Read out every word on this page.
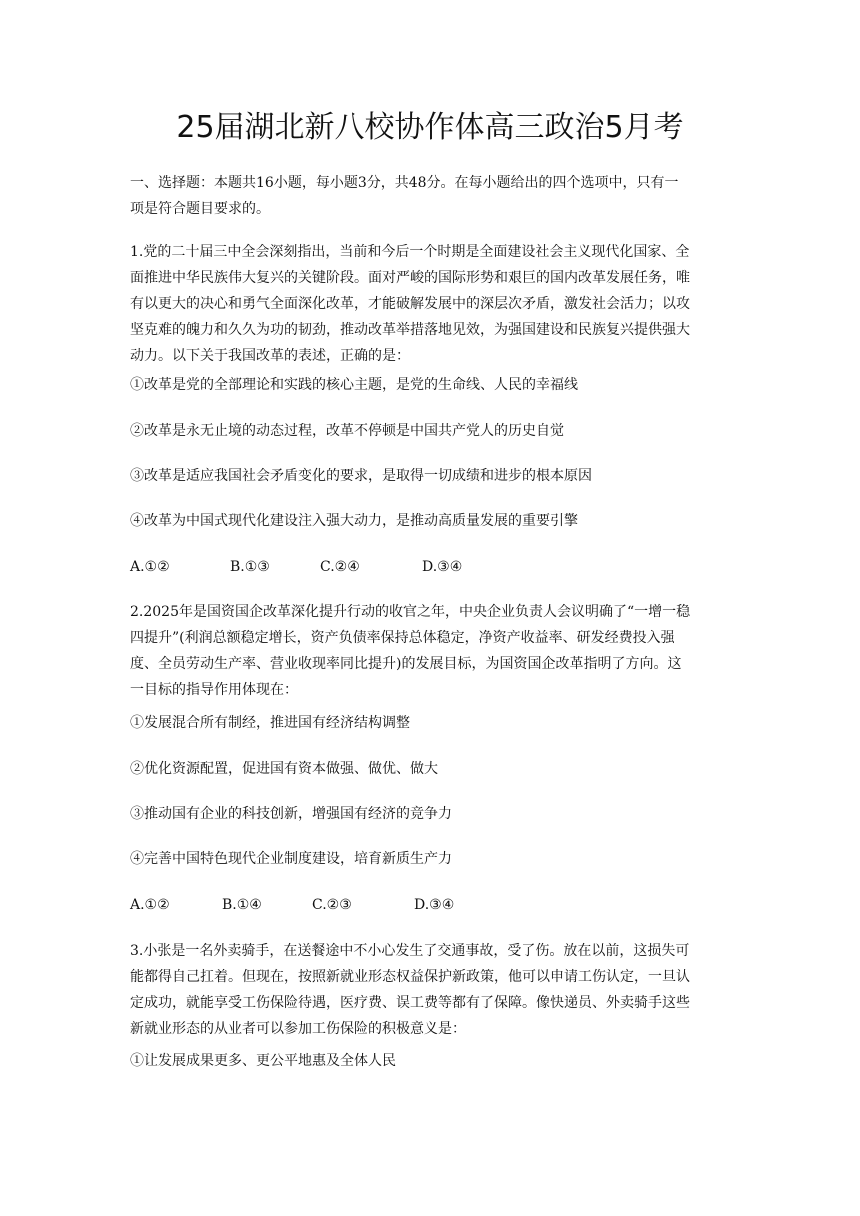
25届湖北新八校协作体高三政治5月考

一、选择题：本题共16小题，每小题3分，共48分。在每小题给出的四个选项中，只有一
项是符合题目要求的。

1.党的二十届三中全会深刻指出，当前和今后一个时期是全面建设社会主义现代化国家、全
面推进中华民族伟大复兴的关键阶段。面对严峻的国际形势和艰巨的国内改革发展任务，唯
有以更大的决心和勇气全面深化改革，才能破解发展中的深层次矛盾，激发社会活力；以攻
坚克难的魄力和久久为功的韧劲，推动改革举措落地见效，为强国建设和民族复兴提供强大
动力。以下关于我国改革的表述，正确的是：

①改革是党的全部理论和实践的核心主题，是党的生命线、人民的幸福线

②改革是永无止境的动态过程，改革不停顿是中国共产党人的历史自觉

③改革是适应我国社会矛盾变化的要求，是取得一切成绩和进步的根本原因

④改革为中国式现代化建设注入强大动力，是推动高质量发展的重要引擎

A.①②	B.①③	C.②④	D.③④

2.2025年是国资国企改革深化提升行动的收官之年，中央企业负责人会议明确了“一增一稳
四提升”(利润总额稳定增长，资产负债率保持总体稳定，净资产收益率、研发经费投入强
度、全员劳动生产率、营业收现率同比提升)的发展目标，为国资国企改革指明了方向。这
一目标的指导作用体现在：

①发展混合所有制经，推进国有经济结构调整

②优化资源配置，促进国有资本做强、做优、做大

③推动国有企业的科技创新，增强国有经济的竞争力

④完善中国特色现代企业制度建设，培育新质生产力

A.①②	B.①④	C.②③	D.③④

3.小张是一名外卖骑手，在送餐途中不小心发生了交通事故，受了伤。放在以前，这损失可
能都得自己扛着。但现在，按照新就业形态权益保护新政策，他可以申请工伤认定，一旦认
定成功，就能享受工伤保险待遇，医疗费、误工费等都有了保障。像快递员、外卖骑手这些
新就业形态的从业者可以参加工伤保险的积极意义是：

①让发展成果更多、更公平地惠及全体人民
